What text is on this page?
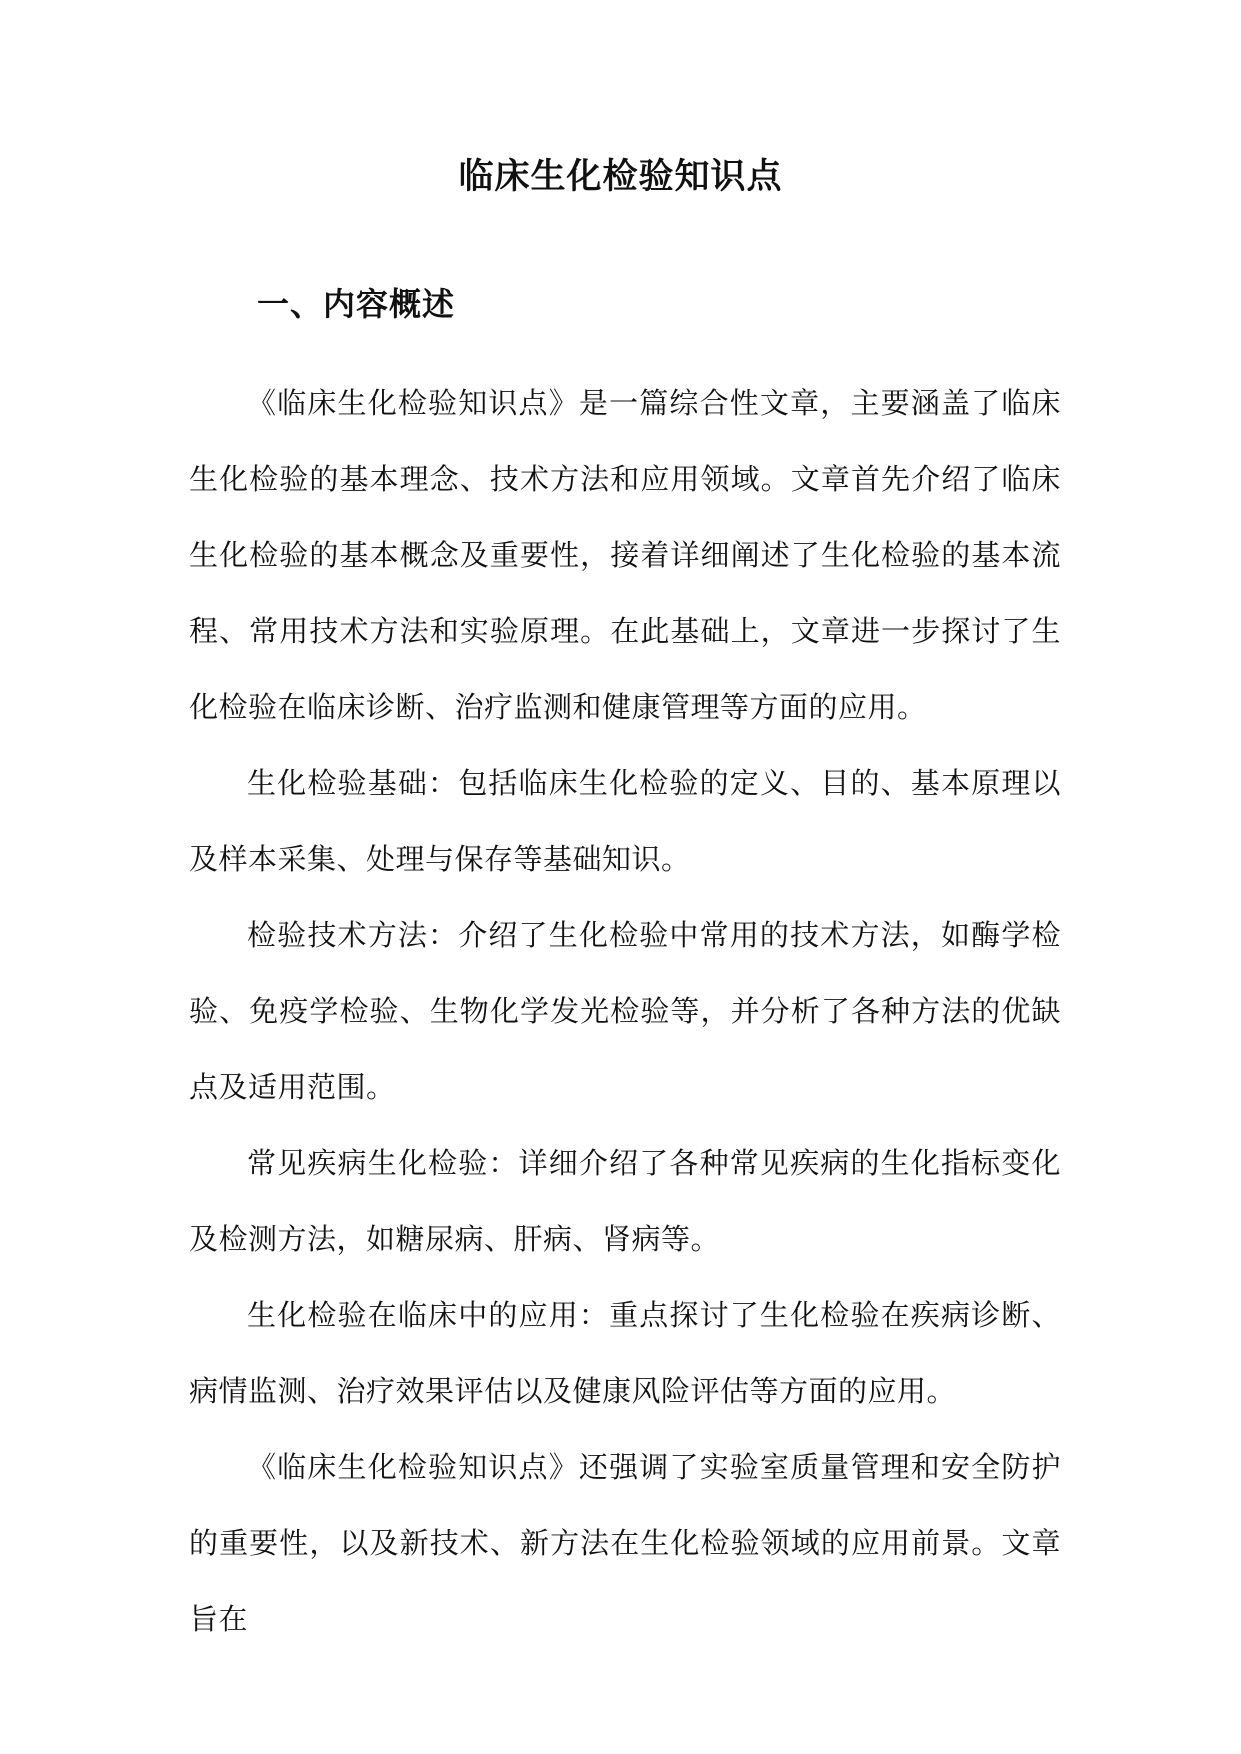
临床生化检验知识点
一、内容概述

《临床生化检验知识点》是一篇综合性文章，主要涵盖了临床生化检验的基本理念、技术方法和应用领域。文章首先介绍了临床生化检验的基本概念及重要性，接着详细阐述了生化检验的基本流程、常用技术方法和实验原理。在此基础上，文章进一步探讨了生化检验在临床诊断、治疗监测和健康管理等方面的应用。

生化检验基础：包括临床生化检验的定义、目的、基本原理以及样本采集、处理与保存等基础知识。

检验技术方法：介绍了生化检验中常用的技术方法，如酶学检验、免疫学检验、生物化学发光检验等，并分析了各种方法的优缺点及适用范围。

常见疾病生化检验：详细介绍了各种常见疾病的生化指标变化及检测方法，如糖尿病、肝病、肾病等。

生化检验在临床中的应用：重点探讨了生化检验在疾病诊断、病情监测、治疗效果评估以及健康风险评估等方面的应用。

《临床生化检验知识点》还强调了实验室质量管理和安全防护的重要性，以及新技术、新方法在生化检验领域的应用前景。文章旨在
